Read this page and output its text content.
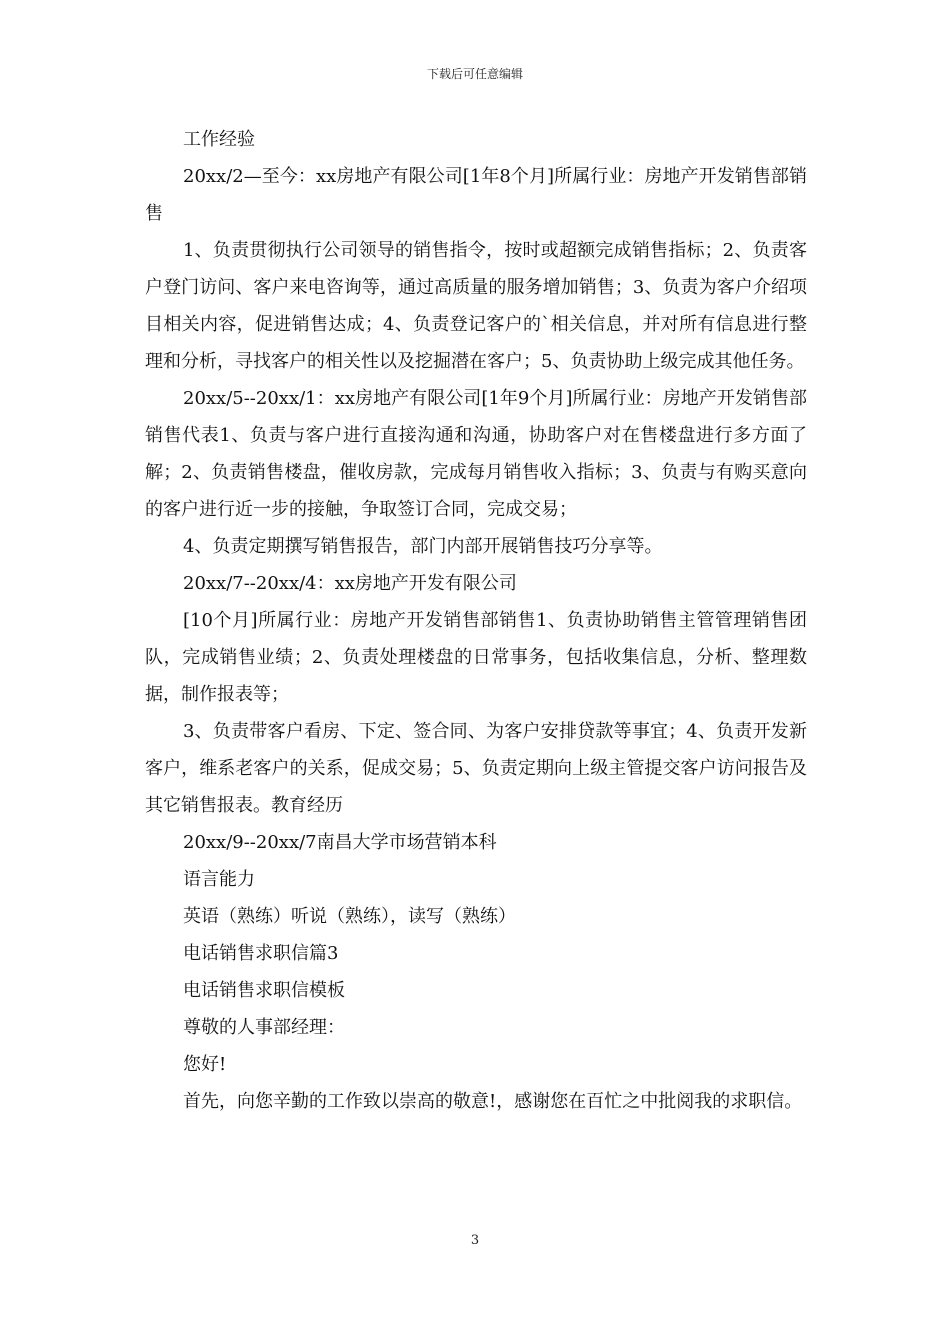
下载后可任意编辑

工作经验

20xx/2—至今：xx房地产有限公司[1年8个月]所属行业：房地产开发销售部销售

1、负责贯彻执行公司领导的销售指令，按时或超额完成销售指标；2、负责客户登门访问、客户来电咨询等，通过高质量的服务增加销售；3、负责为客户介绍项目相关内容，促进销售达成；4、负责登记客户的`相关信息，并对所有信息进行整理和分析，寻找客户的相关性以及挖掘潜在客户；5、负责协助上级完成其他任务。

20xx/5--20xx/1：xx房地产有限公司[1年9个月]所属行业：房地产开发销售部销售代表1、负责与客户进行直接沟通和沟通，协助客户对在售楼盘进行多方面了解；2、负责销售楼盘，催收房款，完成每月销售收入指标；3、负责与有购买意向的客户进行近一步的接触，争取签订合同，完成交易；

4、负责定期撰写销售报告，部门内部开展销售技巧分享等。

20xx/7--20xx/4：xx房地产开发有限公司

[10个月]所属行业：房地产开发销售部销售1、负责协助销售主管管理销售团队，完成销售业绩；2、负责处理楼盘的日常事务，包括收集信息，分析、整理数据，制作报表等；

3、负责带客户看房、下定、签合同、为客户安排贷款等事宜；4、负责开发新客户，维系老客户的关系，促成交易；5、负责定期向上级主管提交客户访问报告及其它销售报表。教育经历

20xx/9--20xx/7南昌大学市场营销本科

语言能力

英语（熟练）听说（熟练），读写（熟练）

电话销售求职信篇3

电话销售求职信模板

尊敬的人事部经理：

您好!

首先，向您辛勤的工作致以崇高的敬意!，感谢您在百忙之中批阅我的求职信。

3
